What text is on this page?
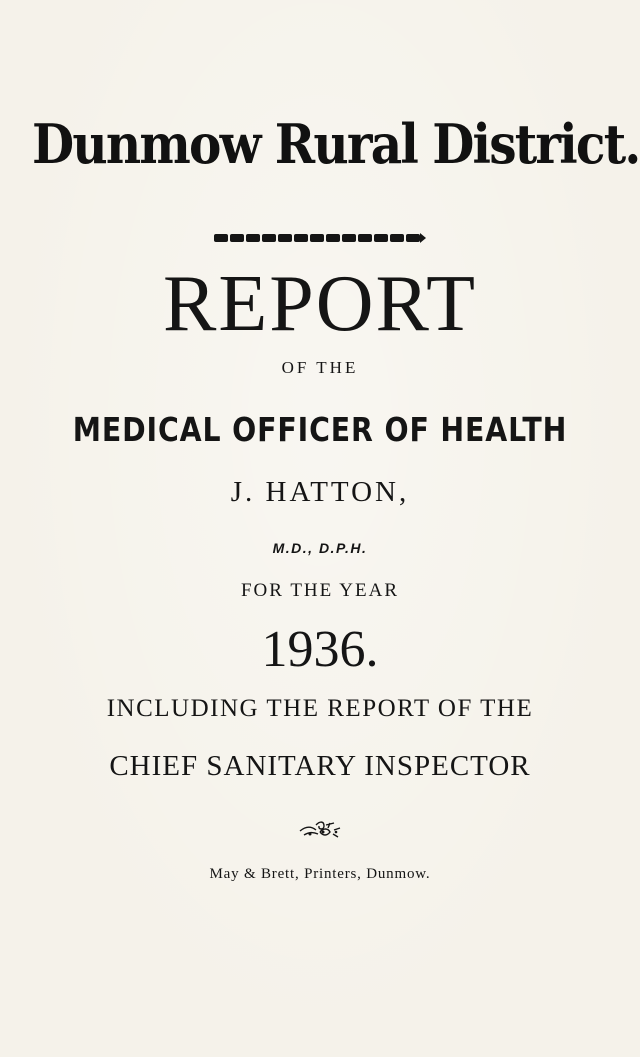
Dunmow Rural District.
REPORT
OF THE
MEDICAL OFFICER OF HEALTH
J. HATTON,
M.D., D.P.H.
FOR THE YEAR
1936.
INCLUDING THE REPORT OF THE
CHIEF SANITARY INSPECTOR
May & Brett, Printers, Dunmow.
